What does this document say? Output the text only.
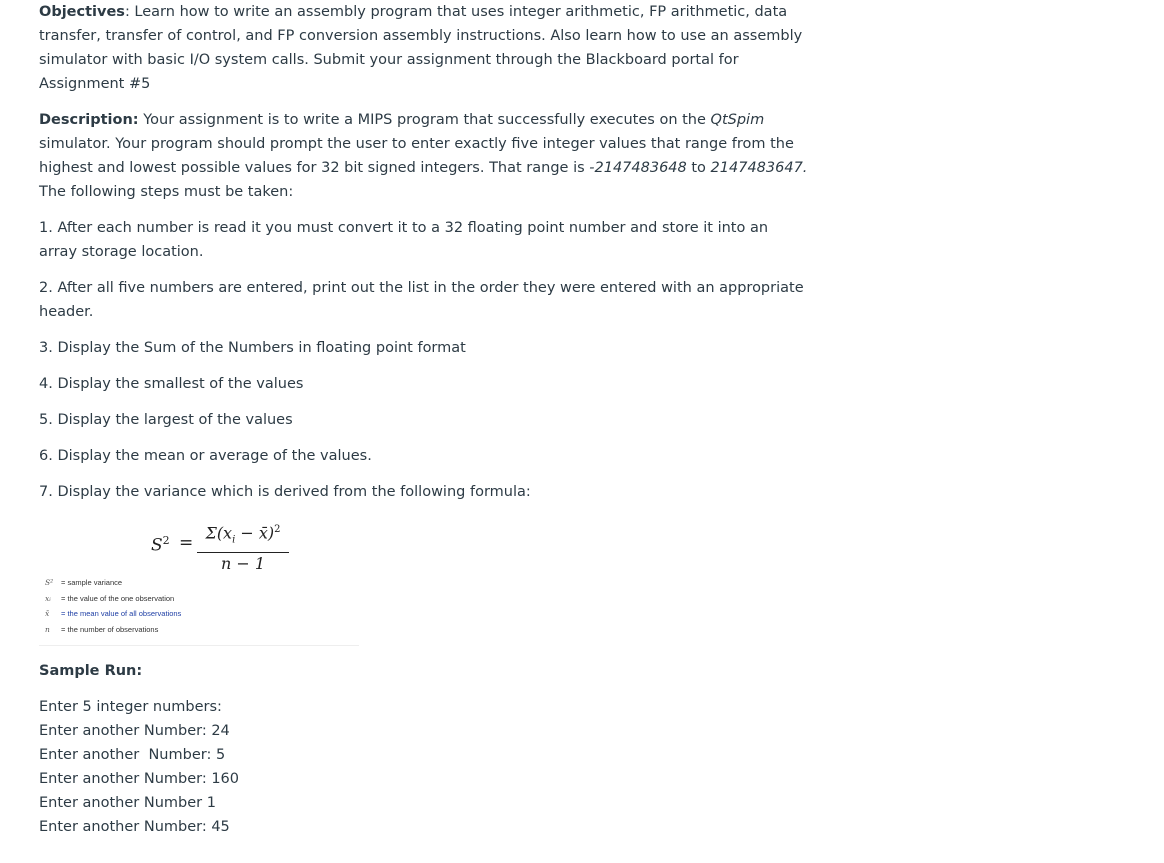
Objectives: Learn how to write an assembly program that uses integer arithmetic, FP arithmetic, data transfer, transfer of control, and FP conversion assembly instructions. Also learn how to use an assembly simulator with basic I/O system calls. Submit your assignment through the Blackboard portal for Assignment #5

Description: Your assignment is to write a MIPS program that successfully executes on the QtSpim simulator. Your program should prompt the user to enter exactly five integer values that range from the highest and lowest possible values for 32 bit signed integers. That range is -2147483648 to 2147483647. The following steps must be taken:

1. After each number is read it you must convert it to a 32 floating point number and store it into an array storage location.

2. After all five numbers are entered, print out the list in the order they were entered with an appropriate header.

3. Display the Sum of the Numbers in floating point format

4. Display the smallest of the values

5. Display the largest of the values

6. Display the mean or average of the values.

7. Display the variance which is derived from the following formula:

$S^2$ =
$\Sigma(x_i$ − x̄)$^2$
n − 1
S² = sample variance
xᵢ = the value of the one observation
x̄ = the mean value of all observations
n = the number of observations

Sample Run:

Enter 5 integer numbers:

Enter another Number: 24

Enter another  Number: 5

Enter another Number: 160

Enter another Number 1

Enter another Number: 45
